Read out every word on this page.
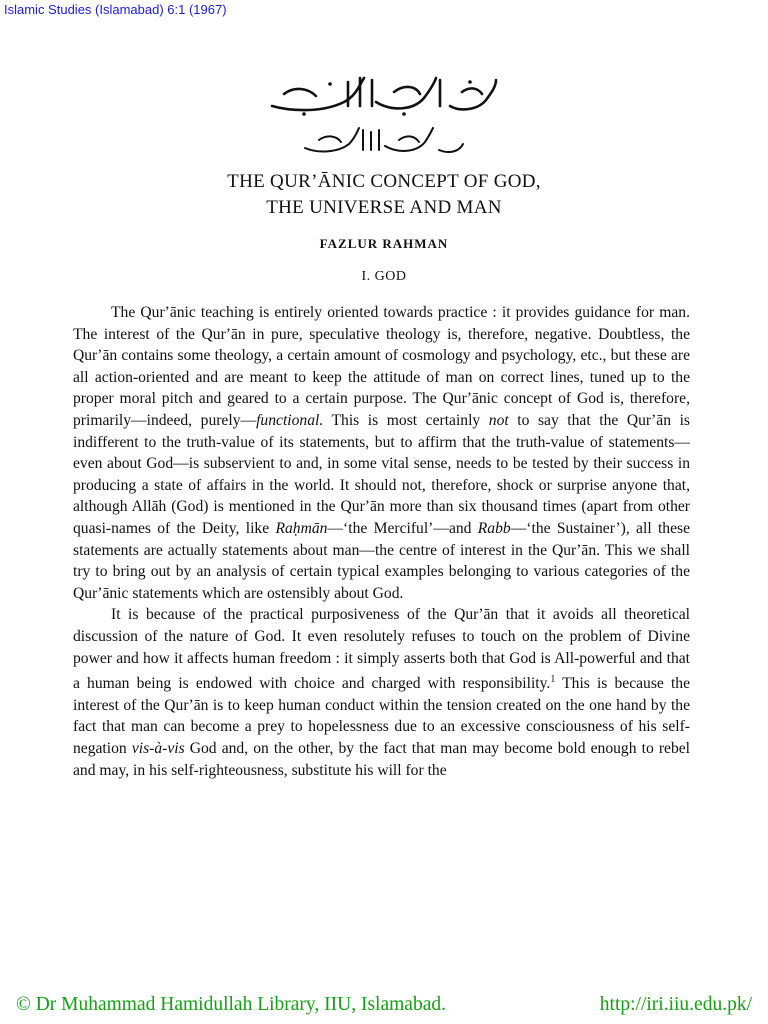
Islamic Studies (Islamabad) 6:1 (1967)
THE QURʼĀNIC CONCEPT OF GOD,
THE UNIVERSE AND MAN
FAZLUR RAHMAN
I. GOD

The Qurʼānic teaching is entirely oriented towards practice : it provides guidance for man. The interest of the Qurʼān in pure, speculative theology is, therefore, negative. Doubtless, the Qurʼān contains some theology, a certain amount of cosmology and psychology, etc., but these are all action-oriented and are meant to keep the attitude of man on correct lines, tuned up to the proper moral pitch and geared to a certain purpose. The Qurʼānic concept of God is, therefore, primarily—indeed, purely—functional. This is most certainly not to say that the Qurʼān is indifferent to the truth-value of its statements, but to affirm that the truth-value of statements—even about God—is subservient to and, in some vital sense, needs to be tested by their success in producing a state of affairs in the world. It should not, therefore, shock or surprise anyone that, although Allāh (God) is mentioned in the Qurʼān more than six thousand times (apart from other quasi-names of the Deity, like Raḥmān—‘the Merciful’—and Rabb—‘the Sustainer’), all these statements are actually statements about man—the centre of interest in the Qurʼān. This we shall try to bring out by an analysis of certain typical examples belonging to various categories of the Qurʼānic statements which are ostensibly about God.

It is because of the practical purposiveness of the Qurʼān that it avoids all theoretical discussion of the nature of God. It even resolutely refuses to touch on the problem of Divine power and how it affects human freedom : it simply asserts both that God is All-powerful and that a human being is endowed with choice and charged with responsibility.$^1$ This is because the interest of the Qurʼān is to keep human conduct within the tension created on the one hand by the fact that man can become a prey to hopelessness due to an excessive consciousness of his self-negation vis-à-vis God and, on the other, by the fact that man may become bold enough to rebel and may, in his self-righteousness, substitute his will for the

© Dr Muhammad Hamidullah Library, IIU, Islamabad.	http://iri.iiu.edu.pk/
